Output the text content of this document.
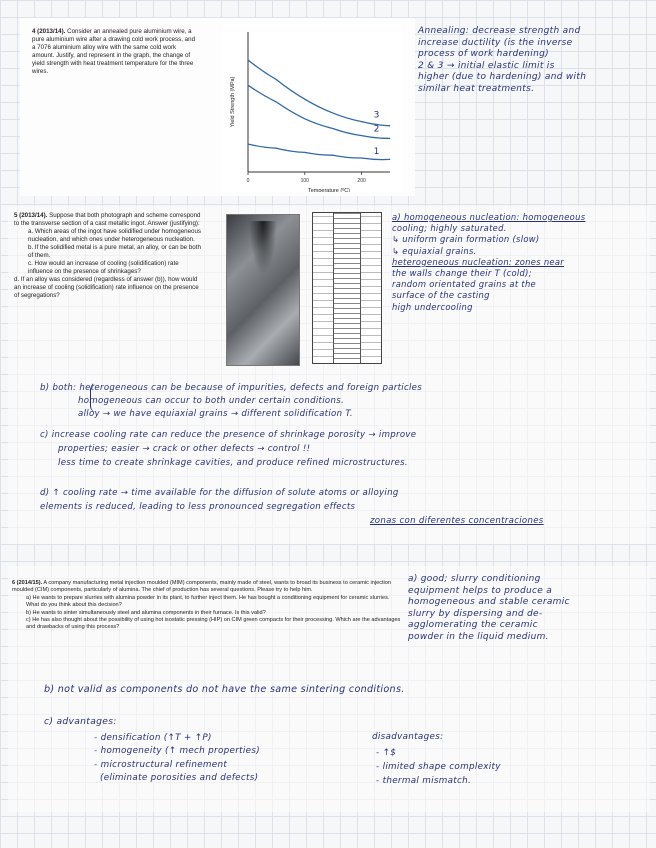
4 (2013/14). Consider an annealed pure aluminium wire, a pure aluminium wire after a drawing cold work process, and a 7076 aluminium alloy wire with the same cold work amount. Justify, and represent in the graph, the change of yield strength with heat treatment temperature for the three wires.
0	100	200
Temperature (ºC)
Yield Strength (MPa)	3
2
1
Annealing: decrease strength and
increase ductility (is the inverse
process of work hardening)
2 & 3 → initial elastic limit is
higher (due to hardening) and with
similar heat treatments.
5 (2013/14). Suppose that both photograph and scheme correspond to the transverse section of a cast metallic ingot. Answer (justifying):
a. Which areas of the ingot have solidified under homogeneous nucleation, and which ones under heterogeneous nucleation.
b. If the solidified metal is a pure metal, an alloy, or can be both of them.
c. How would an increase of cooling (solidification) rate influence on the presence of shrinkages?
d. If an alloy was considered (regardless of answer (b)), how would an increase of cooling (solidification) rate influence on the presence of segregations?
a) homogeneous nucleation: homogeneous
cooling; highly saturated.
↳ uniform grain formation (slow)
↳ equiaxial grains.
heterogeneous nucleation: zones near
the walls change their T (cold);
random orientated grains at the
surface of the casting
high undercooling
b) both: heterogeneous can be because of impurities, defects and foreign particles
homogeneous can occur to both under certain conditions.
alloy → we have equiaxial grains → different solidification T.
c) increase cooling rate can reduce the presence of shrinkage porosity → improve
properties; easier → crack or other defects → control !!
less time to create shrinkage cavities, and produce refined microstructures.
d) ↑ cooling rate → time available for the diffusion of solute atoms or alloying
elements is reduced, leading to less pronounced segregation effects
zonas con diferentes concentraciones
6 (2014/15). A company manufacturing metal injection moulded (MIM) components, mainly made of steel, wants to broad its business to ceramic injection moulded (CIM) components, particularly of alumina. The chief of production has several questions. Please try to help him.
a) He wants to prepare slurries with alumina powder in its plant, to further inject them. He has bought a conditioning equipment for ceramic slurries. What do you think about this decision?
b) He wants to sinter simultaneously steel and alumina components in their furnace. Is this valid?
c) He has also thought about the possibility of using hot isostatic pressing (HIP) on CIM green compacts for their processing. Which are the advantages and drawbacks of using this process?
a) good; slurry conditioning
equipment helps to produce a
homogeneous and stable ceramic
slurry by dispersing and de-
agglomerating the ceramic
powder in the liquid medium.
b) not valid as components do not have the same sintering conditions.
c) advantages:
- densification (↑T + ↑P)
- homogeneity (↑ mech properties)
- microstructural refinement
(eliminate porosities and defects)
disadvantages:
- ↑$
- limited shape complexity
- thermal mismatch.
